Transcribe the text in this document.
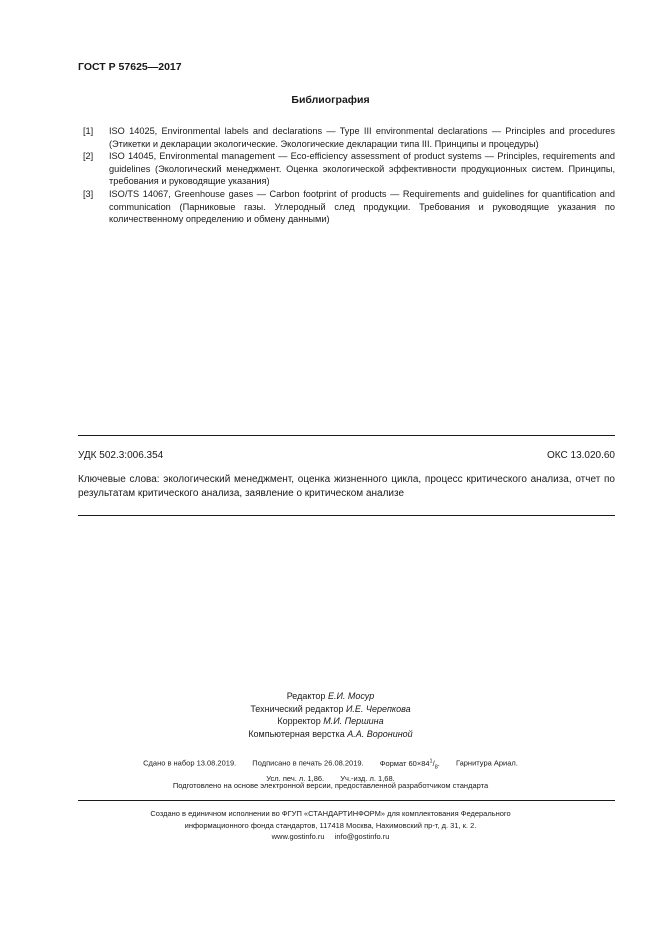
ГОСТ Р 57625—2017
Библиография
[1] ISO 14025, Environmental labels and declarations — Type III environmental declarations — Principles and procedures (Этикетки и декларации экологические. Экологические декларации типа III. Принципы и процедуры)
[2] ISO 14045, Environmental management — Eco-efficiency assessment of product systems — Principles, requirements and guidelines (Экологический менеджмент. Оценка экологической эффективности продукционных систем. Принципы, требования и руководящие указания)
[3] ISO/TS 14067, Greenhouse gases — Carbon footprint of products — Requirements and guidelines for quantification and communication (Парниковые газы. Углеродный след продукции. Требования и руководящие указания по количественному определению и обмену данными)
УДК 502.3:006.354	ОКС 13.020.60
Ключевые слова: экологический менеджмент, оценка жизненного цикла, процесс критического анализа, отчет по результатам критического анализа, заявление о критическом анализе
Редактор Е.И. Мосур
Технический редактор И.Е. Черепкова
Корректор М.И. Першина
Компьютерная верстка А.А. Ворониной
Сдано в набор 13.08.2019. Подписано в печать 26.08.2019. Формат $60\times 84^1/_8$. Гарнитура Ариал.
Усл. печ. л. 1,86. Уч.-изд. л. 1,68.
Подготовлено на основе электронной версии, предоставленной разработчиком стандарта
Создано в единичном исполнении во ФГУП «СТАНДАРТИНФОРМ» для комплектования Федерального
информационного фонда стандартов, 117418 Москва, Нахимовский пр-т, д. 31, к. 2.
www.gostinfo.ru info@gostinfo.ru
